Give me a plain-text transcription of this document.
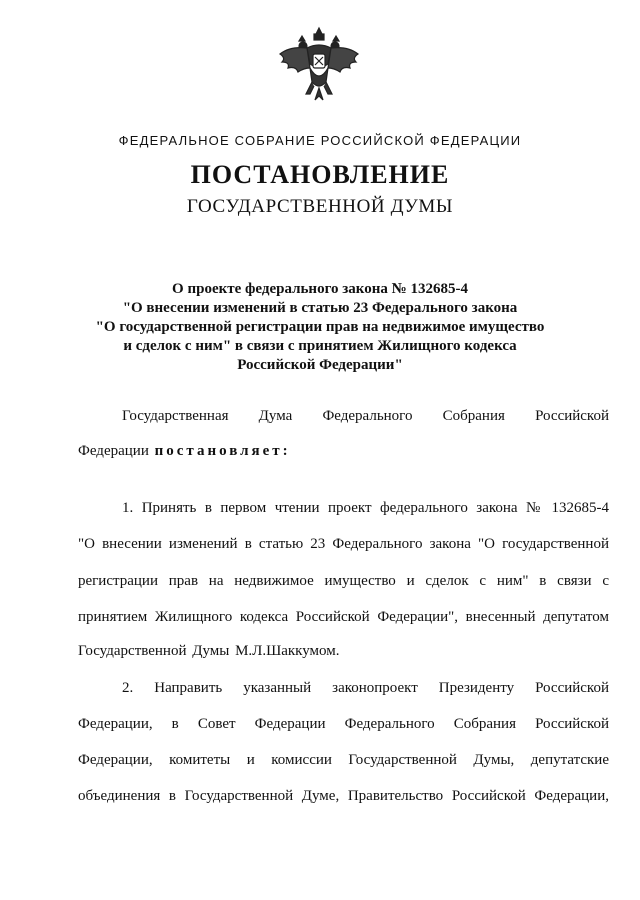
ФЕДЕРАЛЬНОЕ СОБРАНИЕ РОССИЙСКОЙ ФЕДЕРАЦИИ
ПОСТАНОВЛЕНИЕ
ГОСУДАРСТВЕННОЙ ДУМЫ
О проекте федерального закона № 132685-4
"О внесении изменений в статью 23 Федерального закона
"О государственной регистрации прав на недвижимое имущество
и сделок с ним" в связи с принятием Жилищного кодекса
Российской Федерации"
Государственная Дума Федерального Собрания Российской
Федерации постановляет:
1. Принять в первом чтении проект федерального закона № 132685-4
"О внесении изменений в статью 23 Федерального закона "О государственной
регистрации прав на недвижимое имущество и сделок с ним" в связи с
принятием Жилищного кодекса Российской Федерации", внесенный депутатом
Государственной Думы М.Л.Шаккумом.
2. Направить указанный законопроект Президенту Российской
Федерации, в Совет Федерации Федерального Собрания Российской
Федерации, комитеты и комиссии Государственной Думы, депутатские
объединения в Государственной Думе, Правительство Российской Федерации,
